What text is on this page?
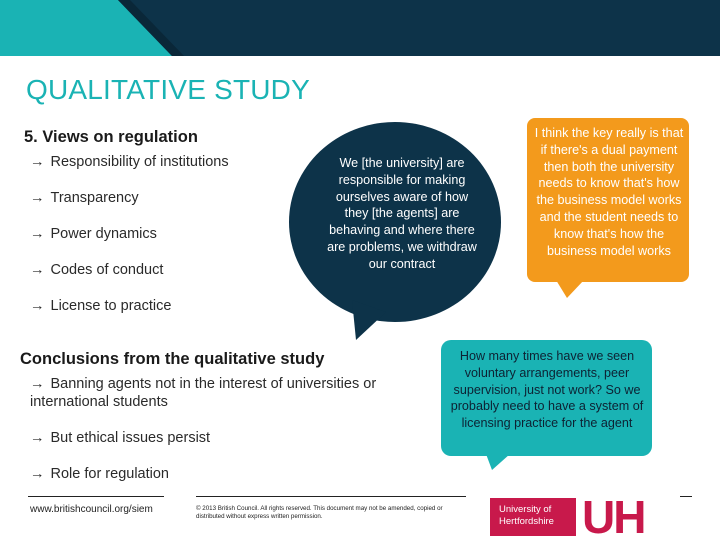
QUALITATIVE STUDY
5. Views on regulation
→ Responsibility of institutions
→ Transparency
→ Power dynamics
→ Codes of conduct
→ License to practice
Conclusions from the qualitative study
→ Banning agents not in the interest of universities or international students
→ But ethical issues persist
→ Role for regulation
We [the university] are responsible for making ourselves aware of how they [the agents] are behaving and where there are problems, we withdraw our contract
I think the key really is that if there's a dual payment then both the university needs to know that's how the business model works and the student needs to know that's how the business model works
How many times have we seen voluntary arrangements, peer supervision, just not work? So we probably need to have a system of licensing practice for the agent
www.britishcouncil.org/siem	© 2013 British Council. All rights reserved. This document may not be amended, copied or distributed without express written permission.
University of
Hertfordshire UH
